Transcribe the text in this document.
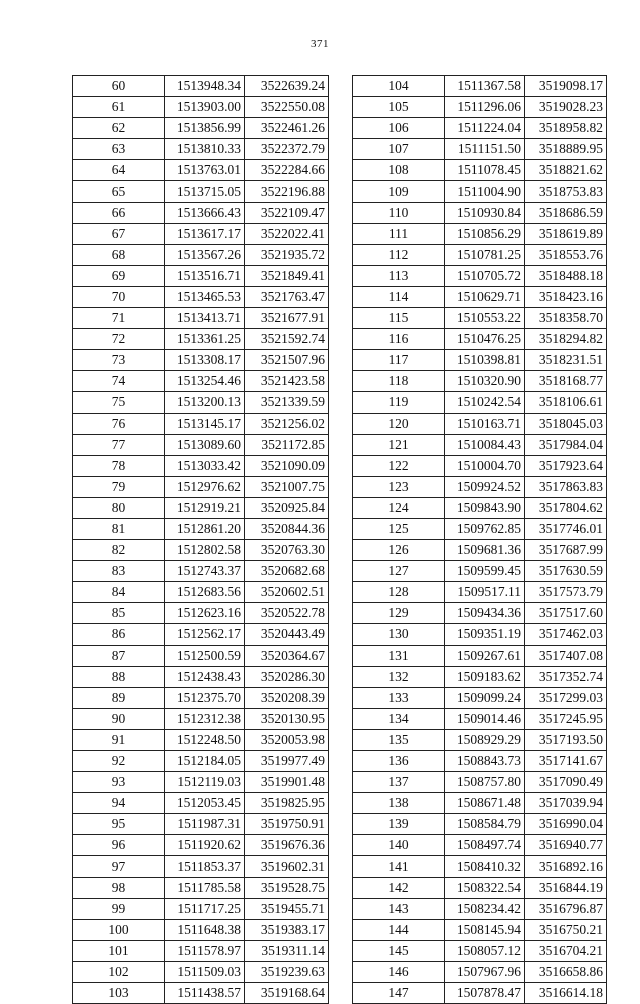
371
60	1513948.34	3522639.24
61	1513903.00	3522550.08
62	1513856.99	3522461.26
63	1513810.33	3522372.79
64	1513763.01	3522284.66
65	1513715.05	3522196.88
66	1513666.43	3522109.47
67	1513617.17	3522022.41
68	1513567.26	3521935.72
69	1513516.71	3521849.41
70	1513465.53	3521763.47
71	1513413.71	3521677.91
72	1513361.25	3521592.74
73	1513308.17	3521507.96
74	1513254.46	3521423.58
75	1513200.13	3521339.59
76	1513145.17	3521256.02
77	1513089.60	3521172.85
78	1513033.42	3521090.09
79	1512976.62	3521007.75
80	1512919.21	3520925.84
81	1512861.20	3520844.36
82	1512802.58	3520763.30
83	1512743.37	3520682.68
84	1512683.56	3520602.51
85	1512623.16	3520522.78
86	1512562.17	3520443.49
87	1512500.59	3520364.67
88	1512438.43	3520286.30
89	1512375.70	3520208.39
90	1512312.38	3520130.95
91	1512248.50	3520053.98
92	1512184.05	3519977.49
93	1512119.03	3519901.48
94	1512053.45	3519825.95
95	1511987.31	3519750.91
96	1511920.62	3519676.36
97	1511853.37	3519602.31
98	1511785.58	3519528.75
99	1511717.25	3519455.71
100	1511648.38	3519383.17
101	1511578.97	3519311.14
102	1511509.03	3519239.63
103	1511438.57	3519168.64
104	1511367.58	3519098.17
105	1511296.06	3519028.23
106	1511224.04	3518958.82
107	1511151.50	3518889.95
108	1511078.45	3518821.62
109	1511004.90	3518753.83
110	1510930.84	3518686.59
111	1510856.29	3518619.89
112	1510781.25	3518553.76
113	1510705.72	3518488.18
114	1510629.71	3518423.16
115	1510553.22	3518358.70
116	1510476.25	3518294.82
117	1510398.81	3518231.51
118	1510320.90	3518168.77
119	1510242.54	3518106.61
120	1510163.71	3518045.03
121	1510084.43	3517984.04
122	1510004.70	3517923.64
123	1509924.52	3517863.83
124	1509843.90	3517804.62
125	1509762.85	3517746.01
126	1509681.36	3517687.99
127	1509599.45	3517630.59
128	1509517.11	3517573.79
129	1509434.36	3517517.60
130	1509351.19	3517462.03
131	1509267.61	3517407.08
132	1509183.62	3517352.74
133	1509099.24	3517299.03
134	1509014.46	3517245.95
135	1508929.29	3517193.50
136	1508843.73	3517141.67
137	1508757.80	3517090.49
138	1508671.48	3517039.94
139	1508584.79	3516990.04
140	1508497.74	3516940.77
141	1508410.32	3516892.16
142	1508322.54	3516844.19
143	1508234.42	3516796.87
144	1508145.94	3516750.21
145	1508057.12	3516704.21
146	1507967.96	3516658.86
147	1507878.47	3516614.18
